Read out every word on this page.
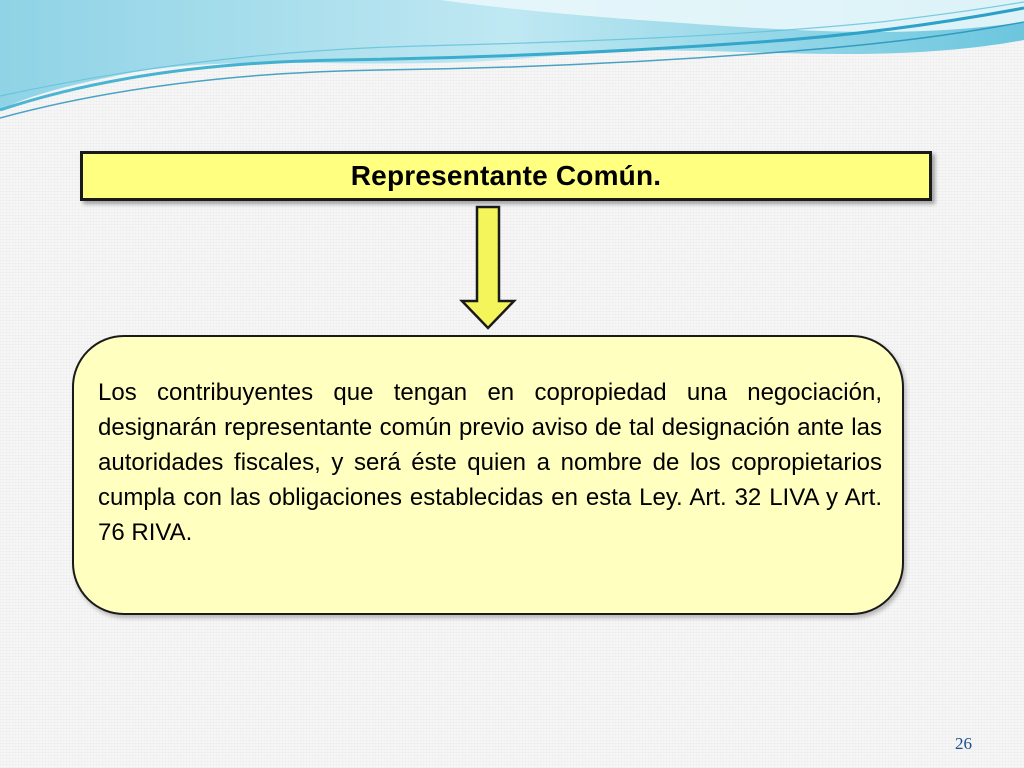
Representante Común.

Los contribuyentes que tengan en copropiedad una negociación, designarán representante común previo aviso de tal designación ante las autoridades fiscales, y será éste quien a nombre de los copropietarios cumpla con las obligaciones establecidas en esta Ley. Art. 32 LIVA y Art. 76 RIVA.

26
